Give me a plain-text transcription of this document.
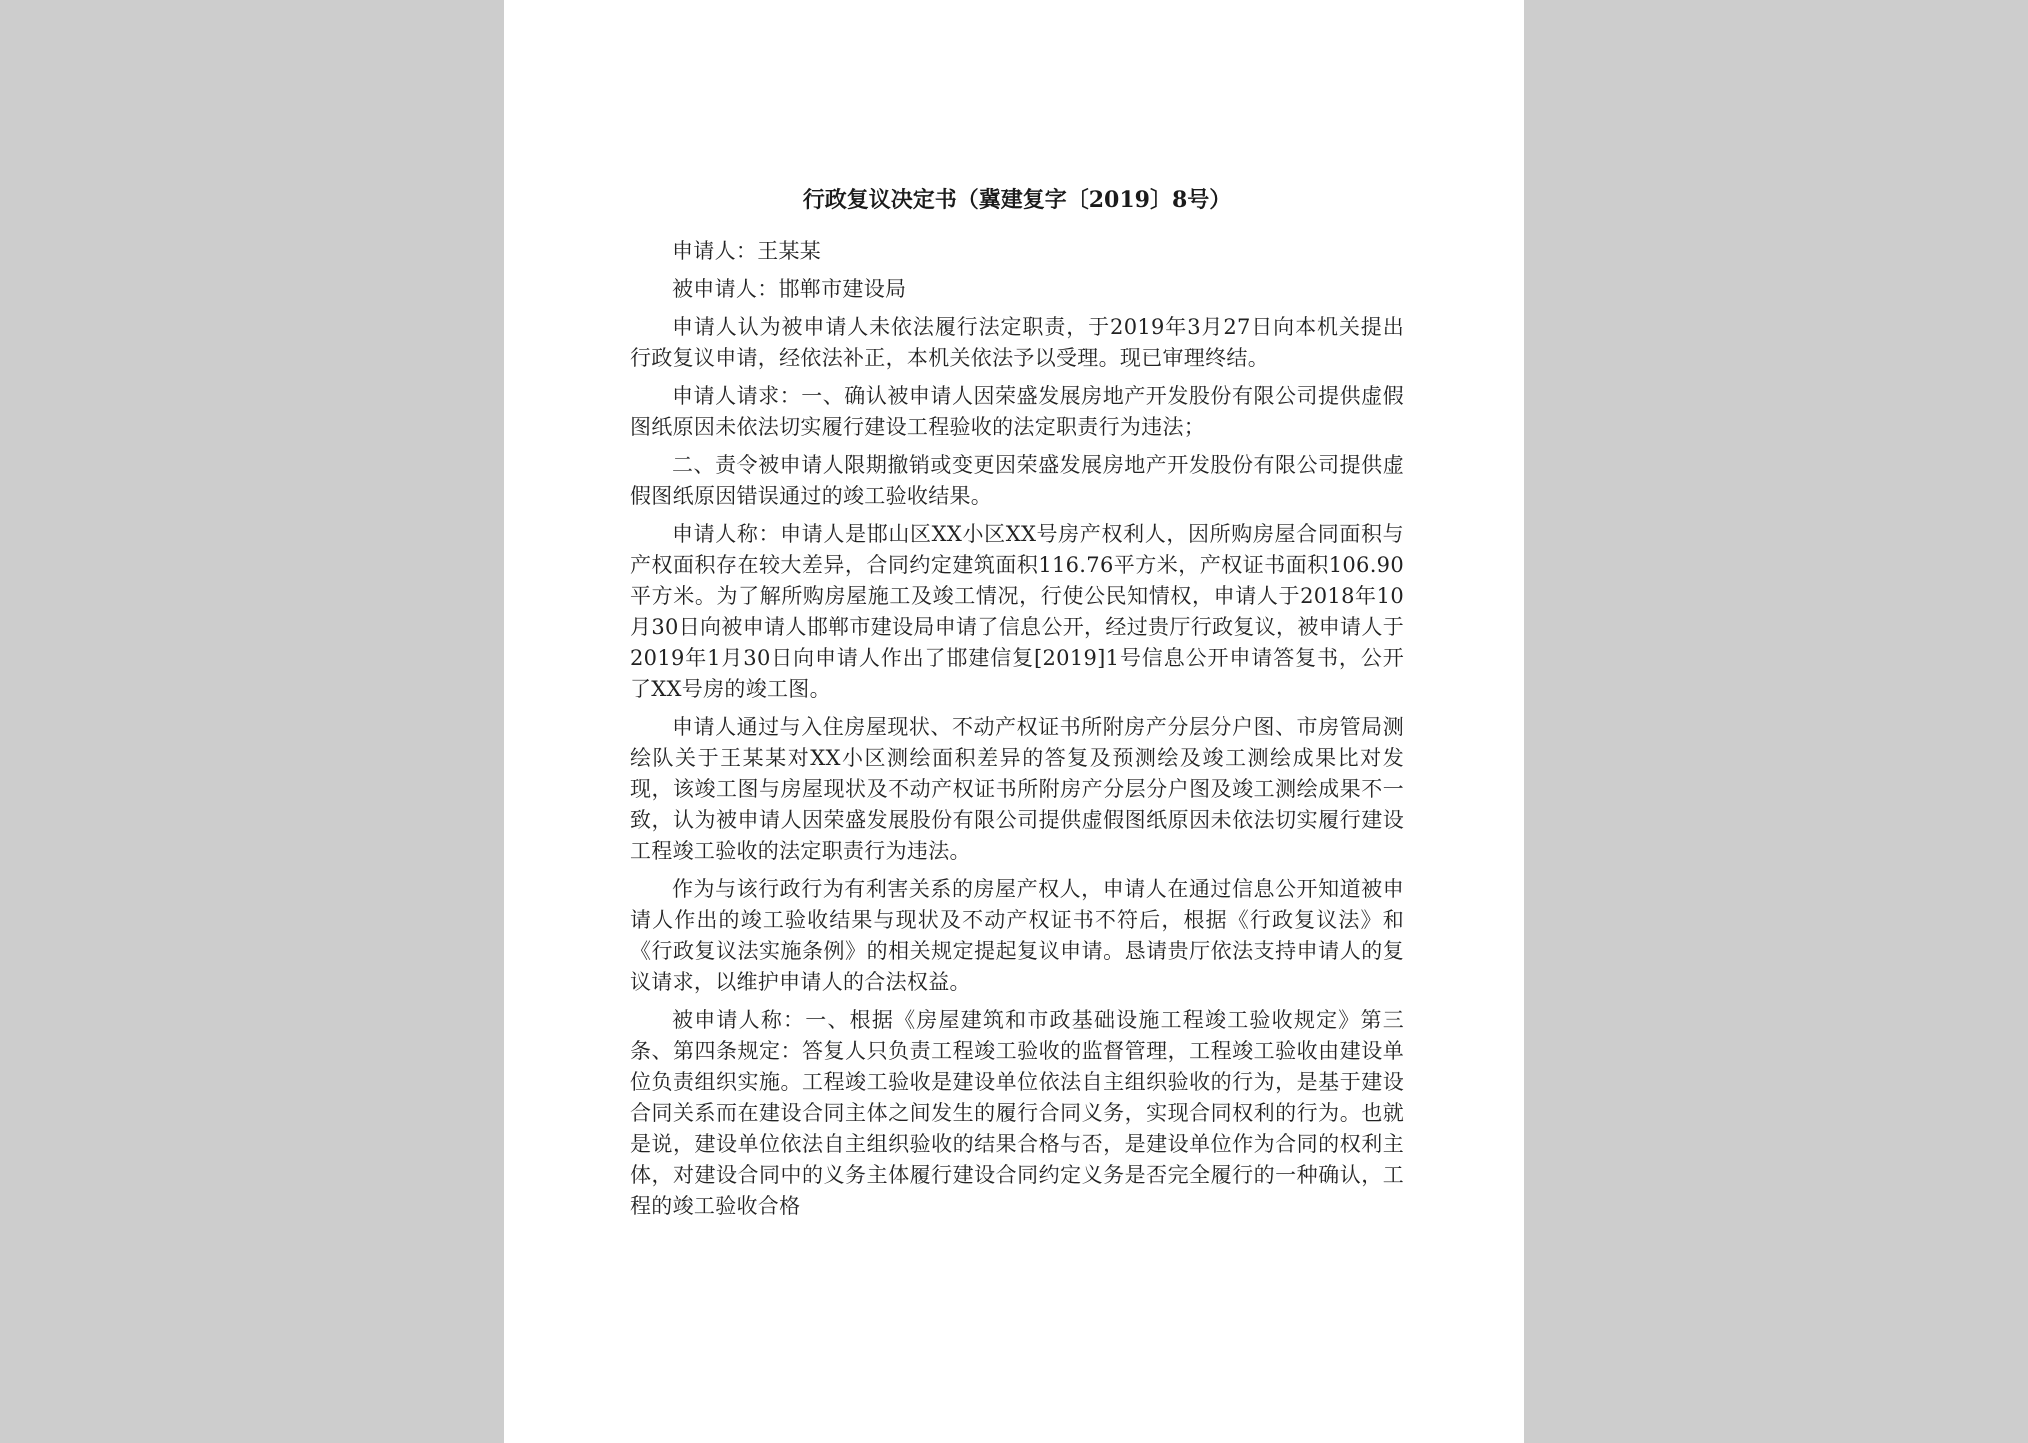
行政复议决定书（冀建复字〔2019〕8号）

申请人：王某某

被申请人：邯郸市建设局

申请人认为被申请人未依法履行法定职责，于2019年3月27日向本机关提出行政复议申请，经依法补正，本机关依法予以受理。现已审理终结。

申请人请求：一、确认被申请人因荣盛发展房地产开发股份有限公司提供虚假图纸原因未依法切实履行建设工程验收的法定职责行为违法；

二、责令被申请人限期撤销或变更因荣盛发展房地产开发股份有限公司提供虚假图纸原因错误通过的竣工验收结果。

申请人称：申请人是邯山区XX小区XX号房产权利人，因所购房屋合同面积与产权面积存在较大差异，合同约定建筑面积116.76平方米，产权证书面积106.90平方米。为了解所购房屋施工及竣工情况，行使公民知情权，申请人于2018年10月30日向被申请人邯郸市建设局申请了信息公开，经过贵厅行政复议，被申请人于2019年1月30日向申请人作出了邯建信复[2019]1号信息公开申请答复书，公开了XX号房的竣工图。

申请人通过与入住房屋现状、不动产权证书所附房产分层分户图、市房管局测绘队关于王某某对XX小区测绘面积差异的答复及预测绘及竣工测绘成果比对发现，该竣工图与房屋现状及不动产权证书所附房产分层分户图及竣工测绘成果不一致，认为被申请人因荣盛发展股份有限公司提供虚假图纸原因未依法切实履行建设工程竣工验收的法定职责行为违法。

作为与该行政行为有利害关系的房屋产权人，申请人在通过信息公开知道被申请人作出的竣工验收结果与现状及不动产权证书不符后，根据《行政复议法》和《行政复议法实施条例》的相关规定提起复议申请。恳请贵厅依法支持申请人的复议请求，以维护申请人的合法权益。

被申请人称：一、根据《房屋建筑和市政基础设施工程竣工验收规定》第三条、第四条规定：答复人只负责工程竣工验收的监督管理，工程竣工验收由建设单位负责组织实施。工程竣工验收是建设单位依法自主组织验收的行为，是基于建设合同关系而在建设合同主体之间发生的履行合同义务，实现合同权利的行为。也就是说，建设单位依法自主组织验收的结果合格与否，是建设单位作为合同的权利主体，对建设合同中的义务主体履行建设合同约定义务是否完全履行的一种确认，工程的竣工验收合格
